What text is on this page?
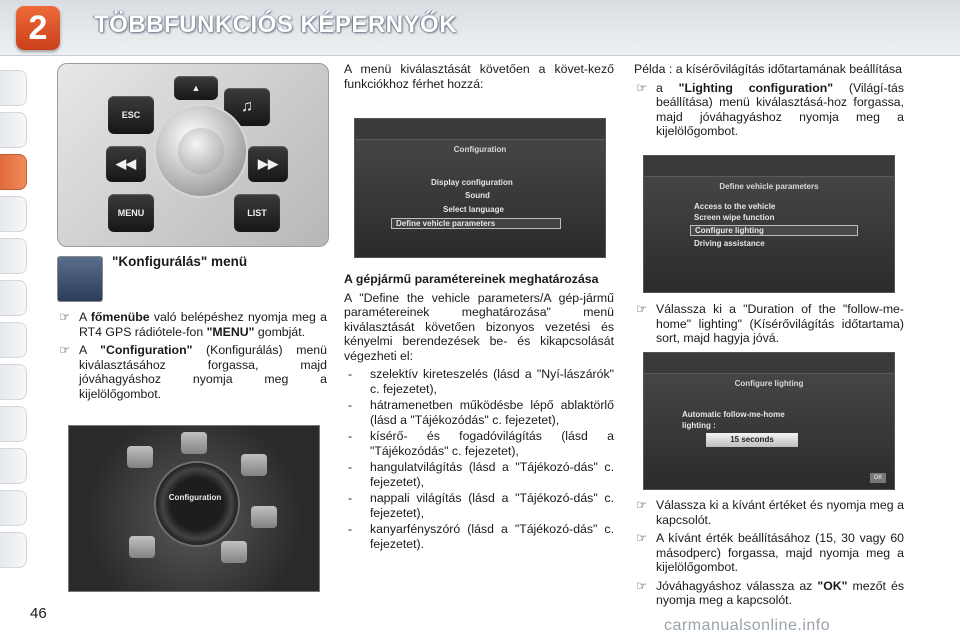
2	TÖBBFUNKCIÓS KÉPERNYŐK
ESC	♫
MENU	LIST
◀◀	▶▶
▲
"Konfigurálás" menü
☞ A főmenübe való belépéshez nyomja meg a RT4 GPS rádiótele-fon "MENU" gombját.
☞ A "Configuration" (Konfigurálás) menü kiválasztásához forgassa, majd jóváhagyáshoz nyomja meg a kijelölőgombot.
Configuration

A menü kiválasztását követően a követ-kező funkciókhoz férhet hozzá:

Configuration
Display configuration
Sound
Select language
Define vehicle parameters

A gépjármű paramétereinek meghatározása

A "Define the vehicle parameters/A gép-jármű paramétereinek meghatározása" menü kiválasztását követően bizonyos vezetési és kényelmi berendezések be- és kikapcsolását végezheti el:

- szelektív kireteszelés (lásd a "Nyí-lászárók" c. fejezetet),
- hátramenetben működésbe lépő ablaktörlő (lásd a "Tájékozódás" c. fejezetet),
- kísérő- és fogadóvilágítás (lásd a "Tájékozódás" c. fejezetet),
- hangulatvilágítás (lásd a "Tájékozó-dás" c. fejezetet),
- nappali világítás (lásd a "Tájékozó-dás" c. fejezetet),
- kanyarfényszóró (lásd a "Tájékozó-dás" c. fejezetet).

Példa : a kísérővilágítás időtartamának beállítása

☞ a "Lighting configuration" (Világí-tás beállítása) menü kiválasztásá-hoz forgassa, majd jóváhagyáshoz nyomja meg a kijelölőgombot.
Define vehicle parameters
Access to the vehicle
Screen wipe function
Configure lighting
Driving assistance
☞ Válassza ki a "Duration of the "follow-me-home" lighting" (Kísérővilágítás időtartama) sort, majd hagyja jóvá.
Configure lighting
Automatic follow-me-home
lighting :
15 seconds
OK
☞ Válassza ki a kívánt értéket és nyomja meg a kapcsolót.
☞ A kívánt érték beállításához (15, 30 vagy 60 másodperc) forgassa, majd nyomja meg a kijelölőgombot.
☞ Jóváhagyáshoz válassza az "OK" mezőt és nyomja meg a kapcsolót.
46
carmanualsonline.info
